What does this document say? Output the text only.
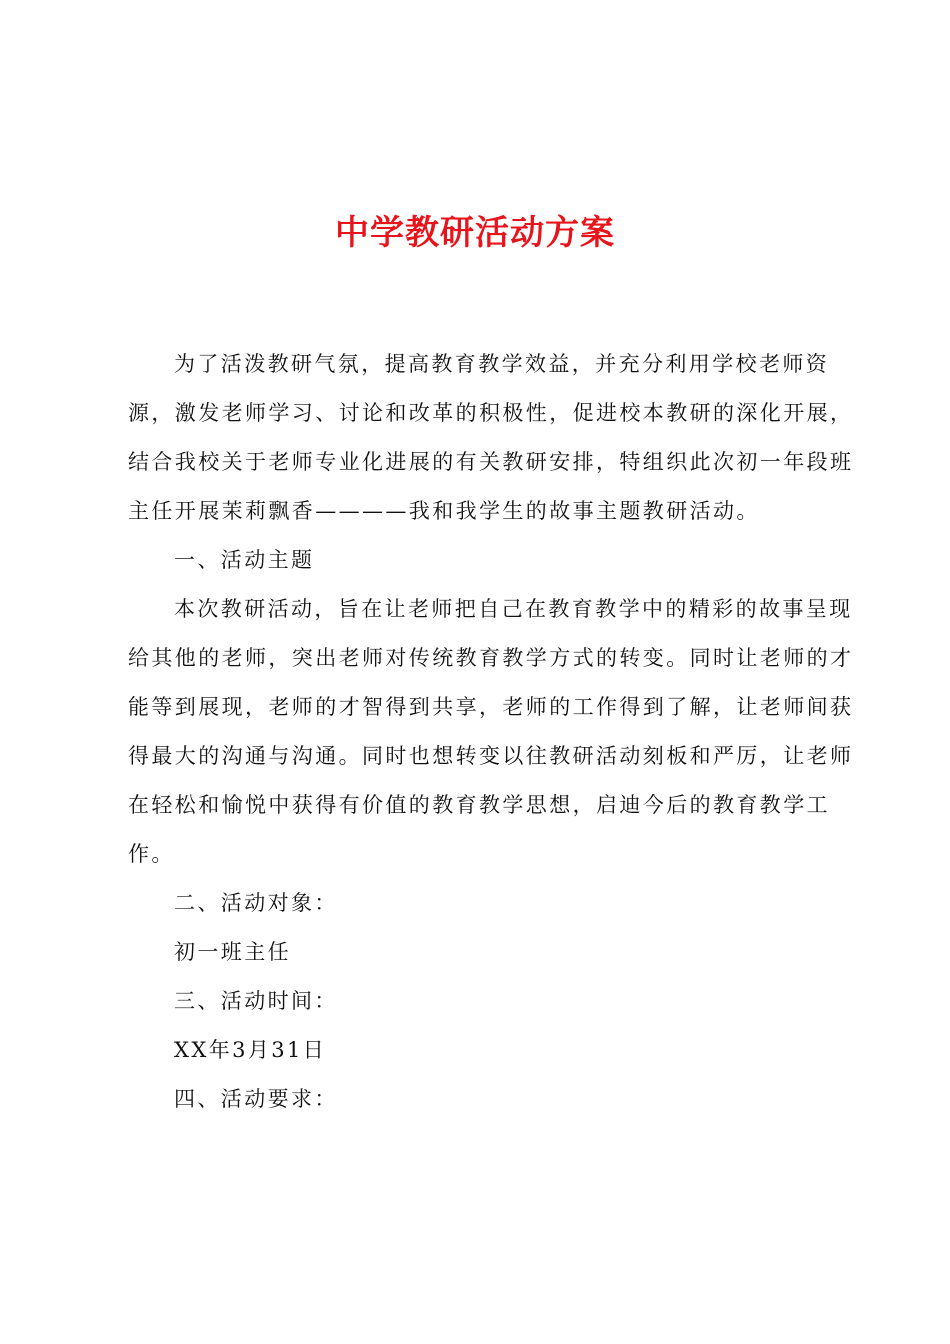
中学教研活动方案

为了活泼教研气氛，提高教育教学效益，并充分利用学校老师资

源，激发老师学习、讨论和改革的积极性，促进校本教研的深化开展，
结合我校关于老师专业化进展的有关教研安排，特组织此次初一年段班
主任开展茉莉飘香————我和我学生的故事主题教研活动。

一、活动主题

本次教研活动，旨在让老师把自己在教育教学中的精彩的故事呈现

给其他的老师，突出老师对传统教育教学方式的转变。同时让老师的才
能等到展现，老师的才智得到共享，老师的工作得到了解，让老师间获
得最大的沟通与沟通。同时也想转变以往教研活动刻板和严厉，让老师
在轻松和愉悦中获得有价值的教育教学思想，启迪今后的教育教学工
作。

二、活动对象：

初一班主任

三、活动时间：

XX年3月31日

四、活动要求：
